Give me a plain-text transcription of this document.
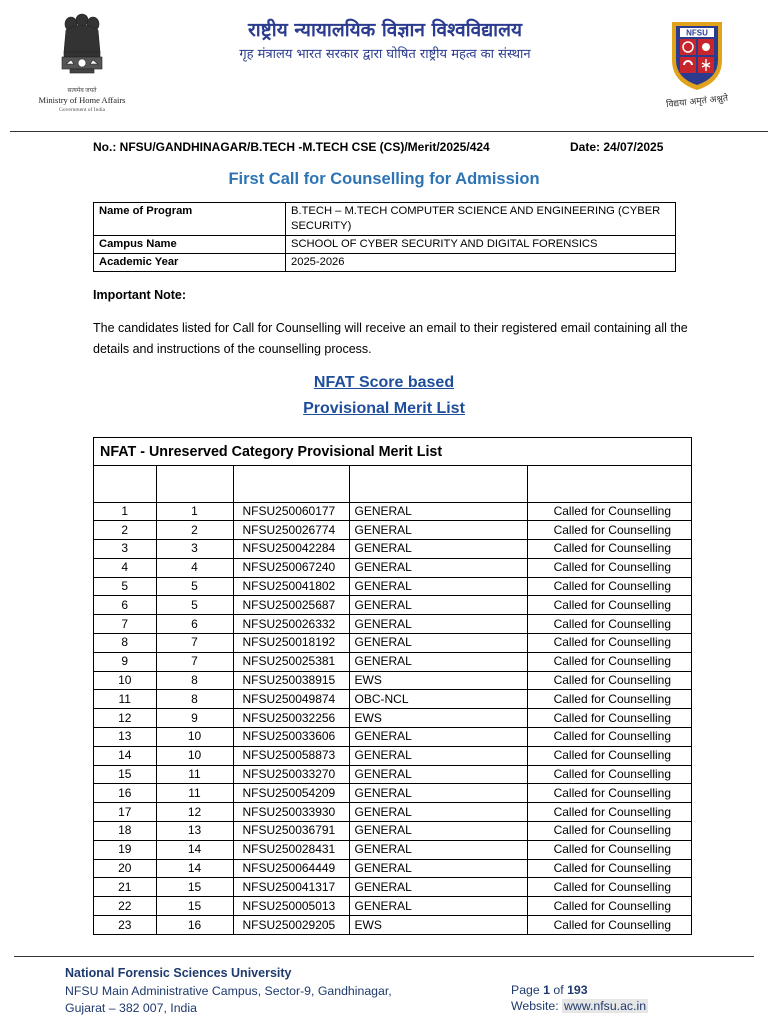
सत्यमेव जयते
Ministry of Home Affairs
Government of India
राष्ट्रीय न्यायालयिक विज्ञान विश्वविद्यालय
गृह मंत्रालय भारत सरकार द्वारा घोषित राष्ट्रीय महत्व का संस्थान
NFSU
विद्यया अमृतं अश्नुते
No.: NFSU/GANDHINAGAR/B.TECH -M.TECH CSE (CS)/Merit/2025/424	Date: 24/07/2025
First Call for Counselling for Admission
Name of Program	B.TECH – M.TECH COMPUTER SCIENCE AND ENGINEERING (CYBER SECURITY)
Campus Name	SCHOOL OF CYBER SECURITY AND DIGITAL FORENSICS
Academic Year	2025-2026
Important Note:
The candidates listed for Call for Counselling will receive an email to their registered email containing all the details and instructions of the counselling process.
NFAT Score based
Provisional Merit List
NFAT - Unreserved Category Provisional Merit List

1	1	NFSU250060177	GENERAL	Called for Counselling
2	2	NFSU250026774	GENERAL	Called for Counselling
3	3	NFSU250042284	GENERAL	Called for Counselling
4	4	NFSU250067240	GENERAL	Called for Counselling
5	5	NFSU250041802	GENERAL	Called for Counselling
6	5	NFSU250025687	GENERAL	Called for Counselling
7	6	NFSU250026332	GENERAL	Called for Counselling
8	7	NFSU250018192	GENERAL	Called for Counselling
9	7	NFSU250025381	GENERAL	Called for Counselling
10	8	NFSU250038915	EWS	Called for Counselling
11	8	NFSU250049874	OBC-NCL	Called for Counselling
12	9	NFSU250032256	EWS	Called for Counselling
13	10	NFSU250033606	GENERAL	Called for Counselling
14	10	NFSU250058873	GENERAL	Called for Counselling
15	11	NFSU250033270	GENERAL	Called for Counselling
16	11	NFSU250054209	GENERAL	Called for Counselling
17	12	NFSU250033930	GENERAL	Called for Counselling
18	13	NFSU250036791	GENERAL	Called for Counselling
19	14	NFSU250028431	GENERAL	Called for Counselling
20	14	NFSU250064449	GENERAL	Called for Counselling
21	15	NFSU250041317	GENERAL	Called for Counselling
22	15	NFSU250005013	GENERAL	Called for Counselling
23	16	NFSU250029205	EWS	Called for Counselling
National Forensic Sciences University
NFSU Main Administrative Campus, Sector-9, Gandhinagar,
Gujarat – 382 007, India
Page 1 of 193
Website: www.nfsu.ac.in
